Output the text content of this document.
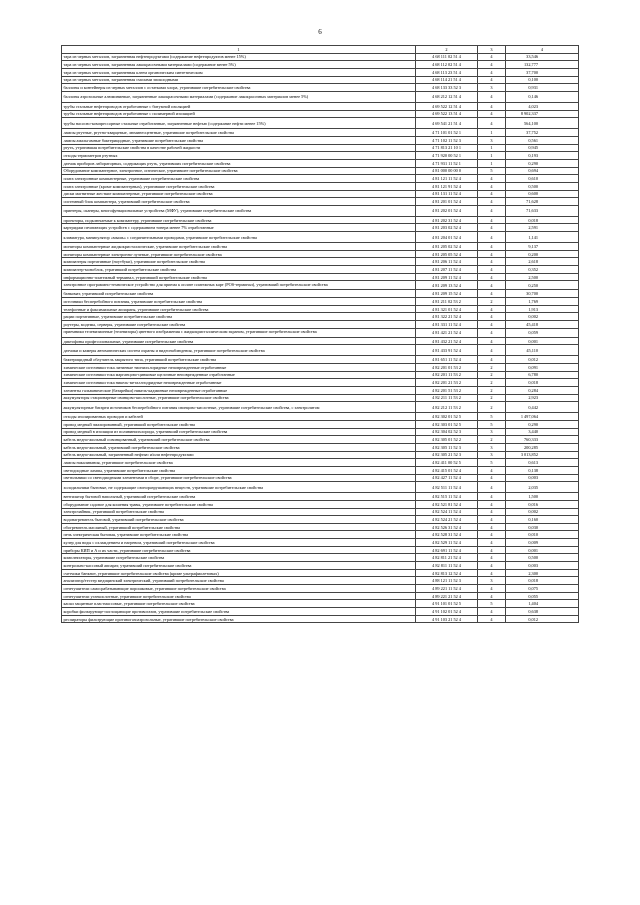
6
1	2	3	4
тара из черных металлов, загрязненная нефтепродуктами (содержание нефтепродуктов менее 15%)	4 68 111 02 51 4	4	33,546
тара из черных металлов, загрязненная лакокрасочными материалами (содержание менее 5%)	4 68 112 02 51 4	4	132,777
тара из черных металлов, загрязненная клеем органическим синтетическим	4 68 113 23 51 4	4	37,700
тара из черных металлов, загрязненная смолами эпоксидными	4 68 114 21 51 4	4	0,100
баллоны и контейнеры из черных металлов с остатками хлора, утратившие потребительские свойства	4 68 133 33 52 3	3	0,931
баллоны аэрозольные алюминиевые, загрязненные лакокрасочными материалами (содержание лакокрасочных материалов менее 5%)	4 68 212 12 51 4	4	0,146
трубы стальные нефтепроводов отработанные с битумной изоляцией	4 69 522 12 51 4	4	4,023
трубы стальные нефтепроводов отработанные с полимерной изоляцией	4 69 522 13 51 4	4	8 902,337
трубы насосно-компрессорные стальные отработанные, загрязненные нефтью (содержание нефти менее 15%)	4 69 541 21 51 4	4	564,100
лампы ртутные, ртутно-кварцевые, люминесцентные, утратившие потребительские свойства	4 71 101 01 52 1	1	37,752
лампы амальгамные бактерицидные, утратившие потребительские свойства	4 71 102 11 52 3	3	0,561
ртуть, утратившая потребительские свойства в качестве рабочей жидкости	4 71 813 21 10 1	1	0,945
отходы термометров ртутных	4 71 920 00 52 1	1	0,193
датчик приборов лабораторных, содержащих ртуть, утративших потребительские свойства	4 71 931 11 52 1	1	0,290
Оборудование компьютерное, электронное, оптическое, утратившее потребительские свойства	4 81 000 00 00 0	5	0,694
плата электронные компьютерные, утратившие потребительские свойства	4 81 121 11 52 4	4	0,610
плата электронные (кроме компьютерных), утратившие потребительские свойства	4 81 121 91 52 4	4	0,500
диски магнитные жесткие компьютерные, утратившие потребительские свойства	4 81 131 11 52 4	4	0,600
системный блок компьютера, утративший потребительские свойства	4 81 201 01 52 4	4	71,628
принтеры, сканеры, многофункциональные устройства (МФУ), утратившие потребительские свойства	4 81 202 01 52 4	4	71,633
проекторы, подключаемые к компьютеру, утратившие потребительские свойства	4 81 202 31 52 4	4	0,018
картриджи печатающих устройств с содержанием тонера менее 7% отработанные	4 81 203 02 52 4	4	2,591
клавиатура, манипулятор «мышь» с соединительными проводами, утратившие потребительские свойства	4 81 204 01 52 4	4	1,141
мониторы компьютерные жидкокристаллические, утратившие потребительские свойства	4 81 205 02 52 4	4	9,137
мониторы компьютерные электронно-лучевые, утратившие потребительские свойства	4 81 205 05 52 4	4	0,200
компьютеры портативные (ноутбуки), утратившие потребительские свойства	4 81 206 11 52 4	4	2,618
компьютер-моноблок, утративший потребительские свойства	4 81 207 11 52 4	4	0,352
информационно-платежный терминал, утративший потребительские свойства	4 81 209 11 52 4	4	2,500
электронное программно-техническое устройство для приема к оплате платежных карт (POS-терминал), утративший потребительские свойства	4 81 209 13 52 4	4	0,250
банкомат, утративший потребительские свойства	4 81 209 15 52 4	4	30,700
источники бесперебойного питания, утратившие потребительские свойства	4 81 211 02 53 2	2	1,769
телефонные и факсимильные аппараты, утратившие потребительские свойства	4 81 321 01 52 4	4	1,913
рации портативные, утратившие потребительские свойства	4 81 322 21 52 4	4	0,002
роутеры, модемы, серверы, утратившие потребительские свойства	4 81 331 11 52 4	4	45,418
приемники телевизионные (телевизоры) цветного изображения с жидкокристаллическим экраном, утратившие потребительские свойства	4 81 421 21 52 4	4	0,059
диктофоны профессиональные, утратившие потребительские свойства	4 81 432 21 52 4	4	0,001
датчики и камеры автоматических систем охраны и видеонаблюдения, утратившие потребительские свойства	4 81 433 91 52 4	4	45,110
бактерицидный облучатель закрытого типа, утративший потребительские свойства	4 81 651 11 52 4	4	0,012
химические источники тока литиевые тионилхлоридные неповрежденные отработанные	4 82 201 01 53 2	2	0,091
химические источники тока марганцово-цинковые щелочные неповрежденные отработанные	4 82 201 11 53 2	2	6,780
химические источники тока никель-металлгидридные неповрежденные отработанные	4 82 201 21 53 2	2	0,018
элементы гальванические (батарейки) никель-кадмиевые неповрежденные отработанные	4 82 201 51 53 2	2	0,284
аккумуляторы стационарные свинцово-кислотные, утратившие потребительские свойства	4 82 211 11 53 2	2	2,923
аккумуляторные батареи источников бесперебойного питания свинцово-кислотные, утратившие потребительские свойства, с электролитом	4 82 212 11 53 2	2	0,442
отходы изолированных проводов и кабелей	4 82 302 01 52 5	5	1 497,064
провод медный эмалированный, утративший потребительские свойства	4 82 303 01 52 5	5	0,290
провод медный в изоляции из поливинилхлорида, утративший потребительские свойства	4 82 304 02 52 3	3	3,440
кабель медно-жильный освинцованный, утративший потребительские свойства	4 82 305 01 52 2	2	760,333
кабель медно-жильный, утративший потребительские свойства	4 82 305 11 52 3	3	200,285
кабель медно-жильный, загрязненный нефтью и/или нефтепродуктами	4 82 305 21 52 3	3	3 013,852
лампы накаливания, утратившие потребительские свойства	4 82 411 00 52 5	5	0,613
светодиодные лампы, утратившие потребительские свойства	4 82 415 01 52 4	4	0,138
светильники со светодиодными элементами в сборе, утратившие потребительские свойства	4 82 427 11 52 4	4	0,003
холодильники бытовые, не содержащие озоноразрушающих веществ, утратившие потребительские свойства	4 82 511 11 52 4	4	2,035
вентилятор бытовой напольный, утративший потребительские свойства	4 82 515 11 52 4	4	1,500
оборудование садовое для кошения травы, утратившее потребительские свойства	4 82 521 81 52 4	4	0,016
электрочайник, утративший потребительские свойства	4 82 524 11 52 4	4	0,002
водонагреватель бытовой, утративший потребительские свойства	4 82 524 21 52 4	4	0,160
обогреватель масляный, утративший потребительские свойства	4 82 526 31 52 4	4	0,030
печь электрическая бытовая, утратившие потребительские свойства	4 82 528 31 52 4	4	0,010
кулер для воды с охлаждением и нагревом, утративший потребительские свойства	4 82 529 11 52 4	4	0,009
приборы КИП и А и их части, утратившие потребительские свойства	4 82 691 11 52 4	4	0,001
комплектаторы, утратившие потребительские свойства	4 82 811 21 52 4	4	0,500
контрольно-кассовый аппарат, утративший потребительские свойства	4 82 811 11 52 4	4	0,003
счетчики банкнот, утратившие потребительские свойства (кроме ультрафиолетовых)	4 82 813 12 52 4	4	2,300
анализатор/тестер медицинский электрический, утративший потребительские свойства	4 88 121 11 52 3	3	0,018
огнетушители самосрабатывающие порошковые, утратившие потребительские свойства	4 89 221 11 52 4	4	0,075
огнетушители углекислотные, утратившие потребительские свойства	4 89 221 21 52 4	4	0,055
каски защитные пластмассовые, утратившие потребительские свойства	4 91 101 01 52 5	5	1,404
коробки фильтрующе-поглощающие противогазов, утратившие потребительские свойства	4 91 102 01 52 4	4	0,638
респираторы фильтрующие противогазоаэрозольные, утратившие потребительские свойства	4 91 103 21 52 4	4	0,012
